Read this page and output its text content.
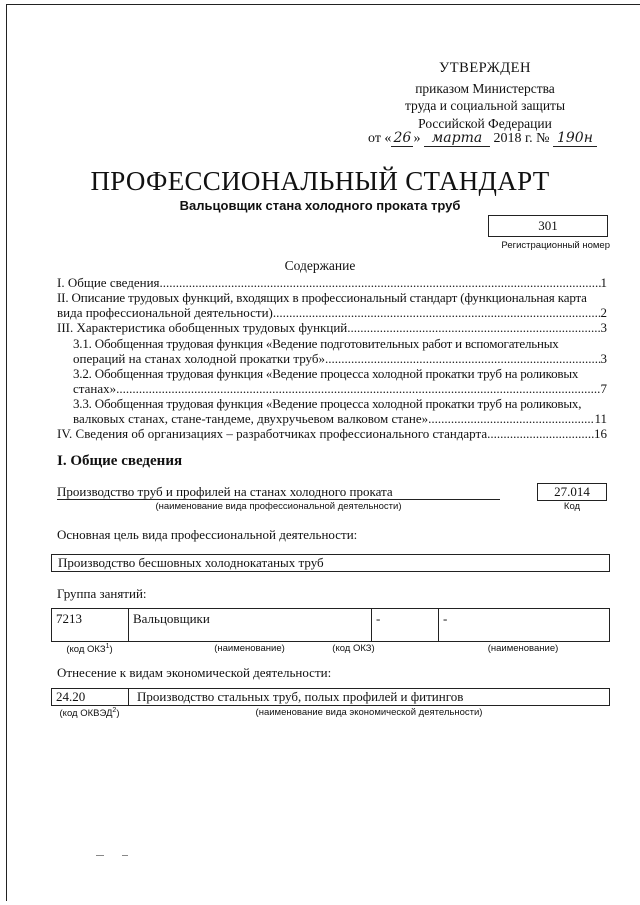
УТВЕРЖДЕН
приказом Министерства
труда и социальной защиты
Российской Федерации
от « 26 » марта 2018 г. № 190н
ПРОФЕССИОНАЛЬНЫЙ СТАНДАРТ
Вальцовщик стана холодного проката труб
301
Регистрационный номер
Содержание
I. Общие сведения .....	1
II. Описание трудовых функций, входящих в профессиональный стандарт (функциональная карта
вида профессиональной деятельности) .....	2
III. Характеристика обобщенных трудовых функций .....	3
3.1. Обобщенная трудовая функция «Ведение подготовительных работ и вспомогательных
операций на станах холодной прокатки труб» .....	3
3.2. Обобщенная трудовая функция «Ведение процесса холодной прокатки труб на роликовых
станах» .....	7
3.3. Обобщенная трудовая функция «Ведение процесса холодной прокатки труб на роликовых,
валковых станах, стане-тандеме, двухручьевом валковом стане» .....	11
IV. Сведения об организациях – разработчиках профессионального стандарта .....	16
I. Общие сведения
Производство труб и профилей на станах холодного проката
(наименование вида профессиональной деятельности)
27.014
Код
Основная цель вида профессиональной деятельности:
Производство бесшовных холоднокатаных труб
Группа занятий:
7213	Вальцовщики	-	-
(код ОКЗ$^1$)	(наименование)	(код ОКЗ)	(наименование)
Отнесение к видам экономической деятельности:
24.20	Производство стальных труб, полых профилей и фитингов
(код ОКВЭД$^2$)	(наименование вида экономической деятельности)
